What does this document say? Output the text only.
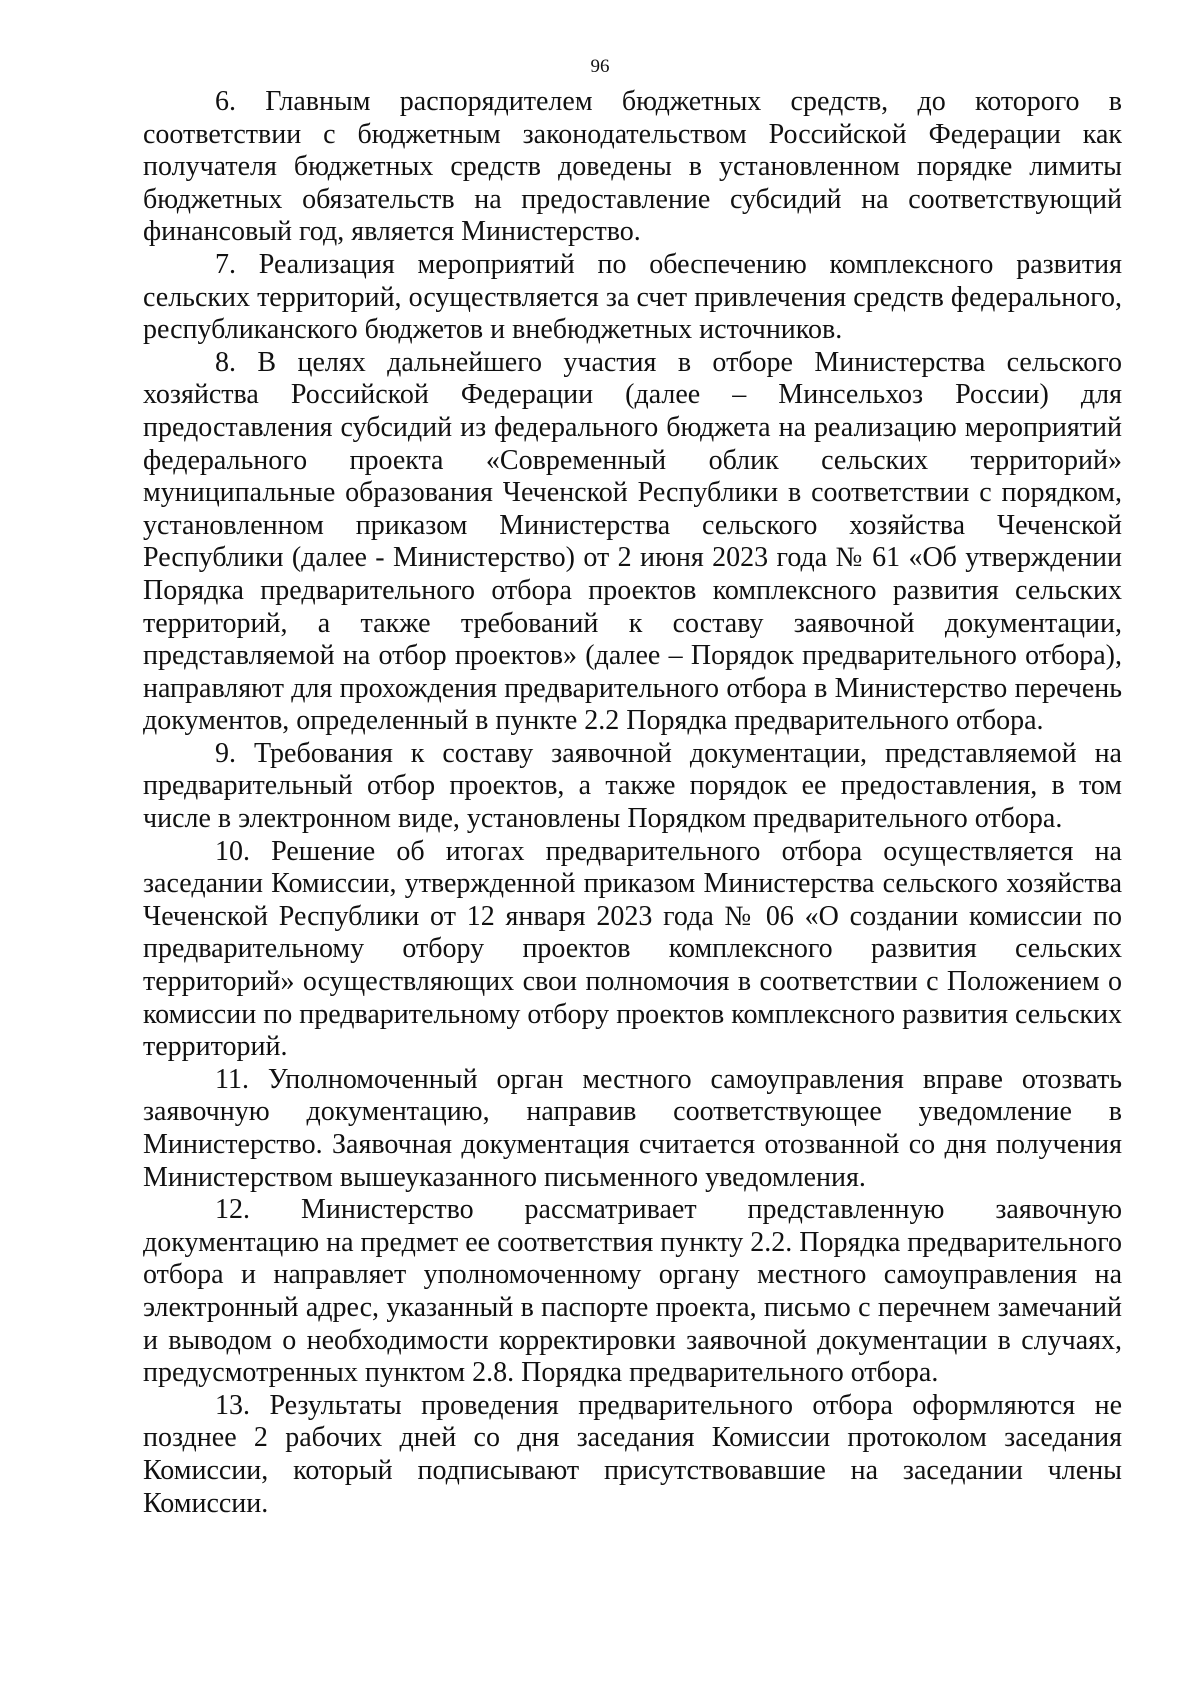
96

6. Главным распорядителем бюджетных средств, до которого в соответствии с бюджетным законодательством Российской Федерации как получателя бюджетных средств доведены в установленном порядке лимиты бюджетных обязательств на предоставление субсидий на соответствующий финансовый год, является Министерство.

7. Реализация мероприятий по обеспечению комплексного развития сельских территорий, осуществляется за счет привлечения средств федерального, республиканского бюджетов и внебюджетных источников.

8. В целях дальнейшего участия в отборе Министерства сельского хозяйства Российской Федерации (далее – Минсельхоз России) для предоставления субсидий из федерального бюджета на реализацию мероприятий федерального проекта «Современный облик сельских территорий» муниципальные образования Чеченской Республики в соответствии с порядком, установленном приказом Министерства сельского хозяйства Чеченской Республики (далее - Министерство) от 2 июня 2023 года № 61 «Об утверждении Порядка предварительного отбора проектов комплексного развития сельских территорий, а также требований к составу заявочной документации, представляемой на отбор проектов» (далее – Порядок предварительного отбора), направляют для прохождения предварительного отбора в Министерство перечень документов, определенный в пункте 2.2 Порядка предварительного отбора.

9. Требования к составу заявочной документации, представляемой на предварительный отбор проектов, а также порядок ее предоставления, в том числе в электронном виде, установлены Порядком предварительного отбора.

10. Решение об итогах предварительного отбора осуществляется на заседании Комиссии, утвержденной приказом Министерства сельского хозяйства Чеченской Республики от 12 января 2023 года № 06 «О создании комиссии по предварительному отбору проектов комплексного развития сельских территорий» осуществляющих свои полномочия в соответствии с Положением о комиссии по предварительному отбору проектов комплексного развития сельских территорий.

11. Уполномоченный орган местного самоуправления вправе отозвать заявочную документацию, направив соответствующее уведомление в Министерство. Заявочная документация считается отозванной со дня получения Министерством вышеуказанного письменного уведомления.

12. Министерство рассматривает представленную заявочную документацию на предмет ее соответствия пункту 2.2. Порядка предварительного отбора и направляет уполномоченному органу местного самоуправления на электронный адрес, указанный в паспорте проекта, письмо с перечнем замечаний и выводом о необходимости корректировки заявочной документации в случаях, предусмотренных пунктом 2.8. Порядка предварительного отбора.

13. Результаты проведения предварительного отбора оформляются не позднее 2 рабочих дней со дня заседания Комиссии протоколом заседания Комиссии, который подписывают присутствовавшие на заседании члены Комиссии.
